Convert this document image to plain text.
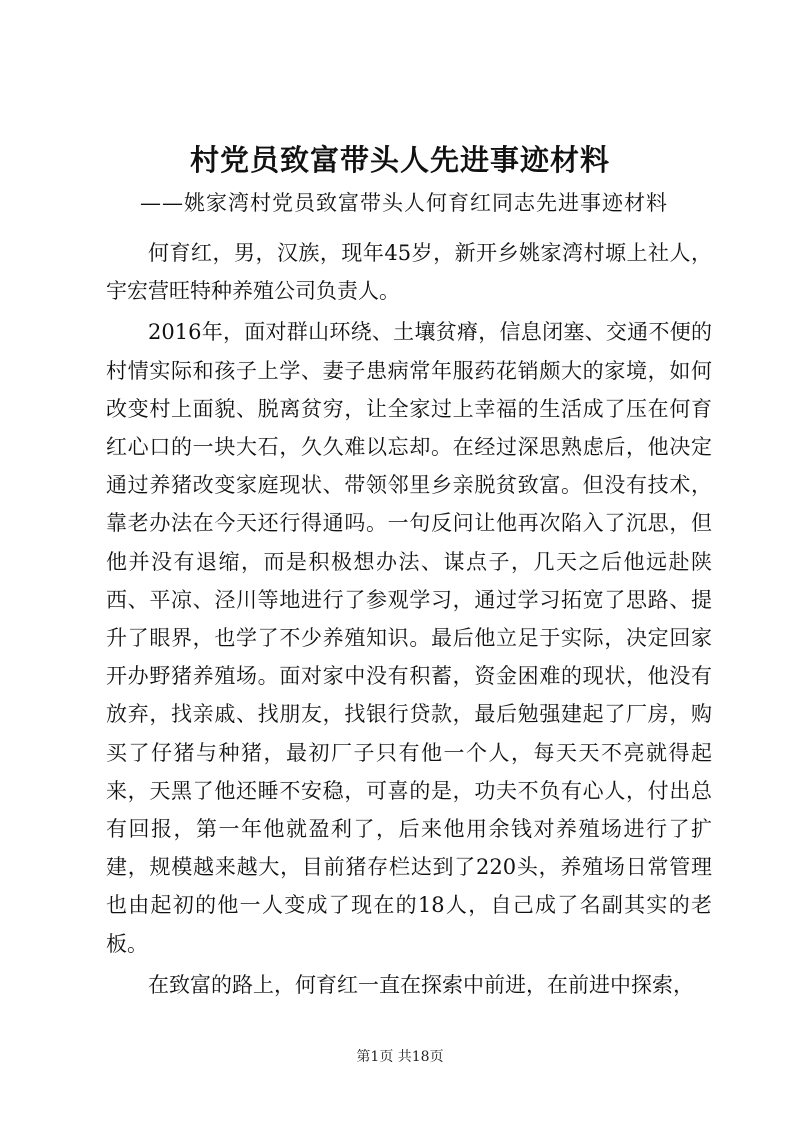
村党员致富带头人先进事迹材料
——姚家湾村党员致富带头人何育红同志先进事迹材料

何育红，男，汉族，现年45岁，新开乡姚家湾村塬上社人，宇宏营旺特种养殖公司负责人。

2016年，面对群山环绕、土壤贫瘠，信息闭塞、交通不便的村情实际和孩子上学、妻子患病常年服药花销颇大的家境，如何改变村上面貌、脱离贫穷，让全家过上幸福的生活成了压在何育红心口的一块大石，久久难以忘却。在经过深思熟虑后，他决定通过养猪改变家庭现状、带领邻里乡亲脱贫致富。但没有技术，靠老办法在今天还行得通吗。一句反问让他再次陷入了沉思，但他并没有退缩，而是积极想办法、谋点子，几天之后他远赴陕西、平凉、泾川等地进行了参观学习，通过学习拓宽了思路、提升了眼界，也学了不少养殖知识。最后他立足于实际，决定回家开办野猪养殖场。面对家中没有积蓄，资金困难的现状，他没有放弃，找亲戚、找朋友，找银行贷款，最后勉强建起了厂房，购买了仔猪与种猪，最初厂子只有他一个人，每天天不亮就得起来，天黑了他还睡不安稳，可喜的是，功夫不负有心人，付出总有回报，第一年他就盈利了，后来他用余钱对养殖场进行了扩建，规模越来越大，目前猪存栏达到了220头，养殖场日常管理也由起初的他一人变成了现在的18人，自己成了名副其实的老板。

在致富的路上，何育红一直在探索中前进，在前进中探索，

第1页 共18页
